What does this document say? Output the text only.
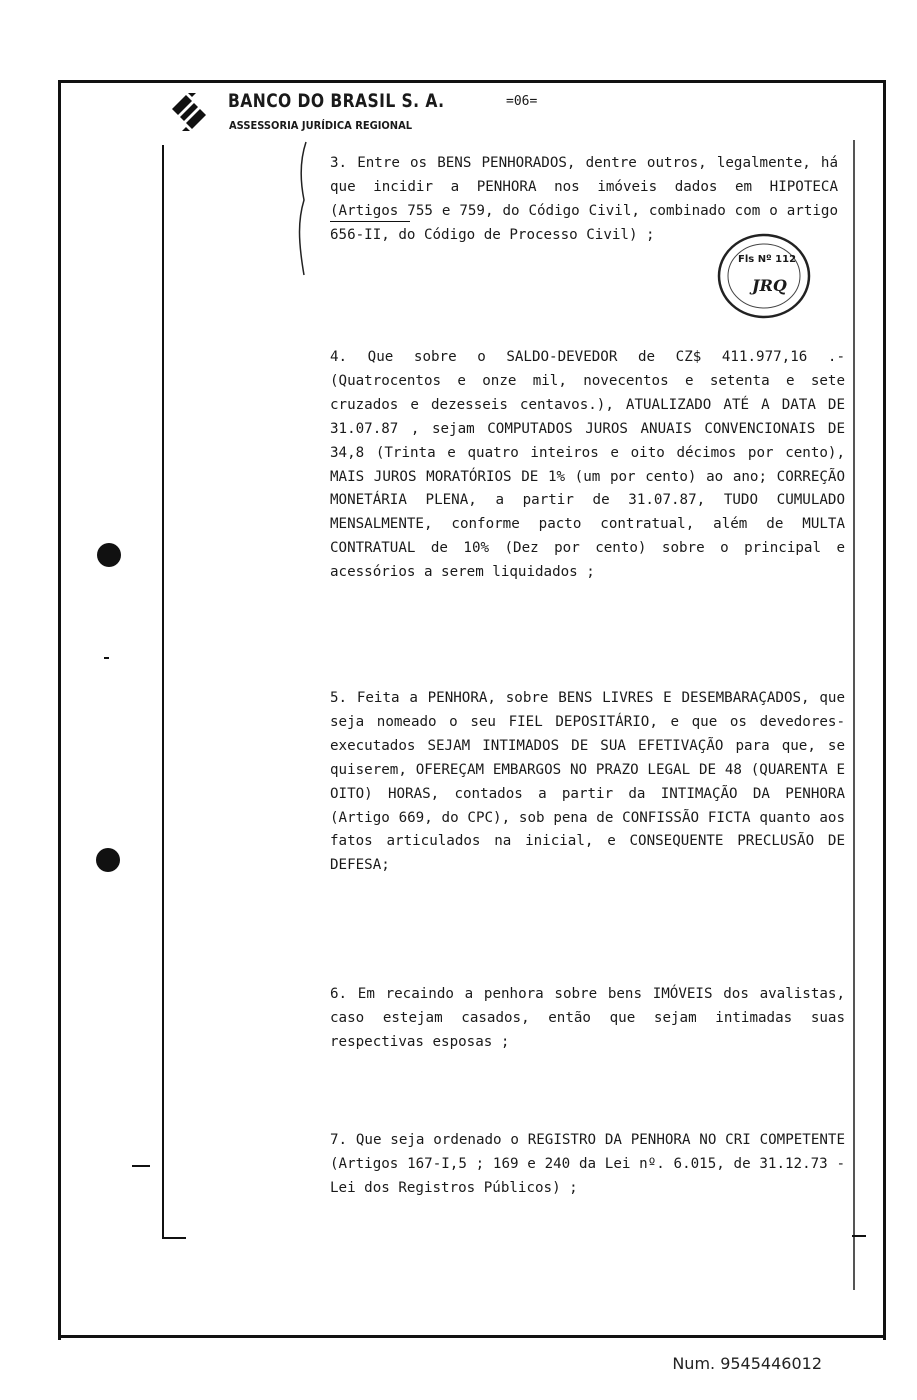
BANCO DO BRASIL S. A.
ASSESSORIA JURÍDICA REGIONAL
=06=
3. Entre os BENS PENHORADOS, dentre outros, legalmente, há que incidir a PENHORA nos imóveis dados em HIPOTECA (Artigos 755 e 759, do Código Civil, combinado com o artigo 656-II, do Código de Processo Civil) ;
4. Que sobre o SALDO-DEVEDOR de CZ$ 411.977,16 .- (Quatrocentos e onze mil, novecentos e setenta e sete cruzados e dezesseis centavos.), ATUALIZADO ATÉ A DATA DE 31.07.87 , sejam COMPUTADOS JUROS ANUAIS CONVENCIONAIS DE 34,8 (Trinta e quatro inteiros e oito décimos por cento), MAIS JUROS MORATÓRIOS DE 1% (um por cento) ao ano; CORREÇÃO MONETÁRIA PLENA, a partir de 31.07.87, TUDO CUMULADO MENSALMENTE, conforme pacto contratual, além de MULTA CONTRATUAL de 10% (Dez por cento) sobre o principal e acessórios a serem liquidados ;
5. Feita a PENHORA, sobre BENS LIVRES E DESEMBARAÇADOS, que seja nomeado o seu FIEL DEPOSITÁRIO, e que os devedores-executados SEJAM INTIMADOS DE SUA EFETIVAÇÃO para que, se quiserem, OFEREÇAM EMBARGOS NO PRAZO LEGAL DE 48 (QUARENTA E OITO) HORAS, contados a partir da INTIMAÇÃO DA PENHORA (Artigo 669, do CPC), sob pena de CONFISSÃO FICTA quanto aos fatos articulados na inicial, e CONSEQUENTE PRECLUSÃO DE DEFESA;
6. Em recaindo a penhora sobre bens IMÓVEIS dos avalistas, caso estejam casados, então que sejam intimadas suas respectivas esposas ;
7. Que seja ordenado o REGISTRO DA PENHORA NO CRI COMPETENTE (Artigos 167-I,5 ; 169 e 240 da Lei nº. 6.015, de 31.12.73 - Lei dos Registros Públicos) ;
Fls Nº 112
JRQ
Num. 9545446012
